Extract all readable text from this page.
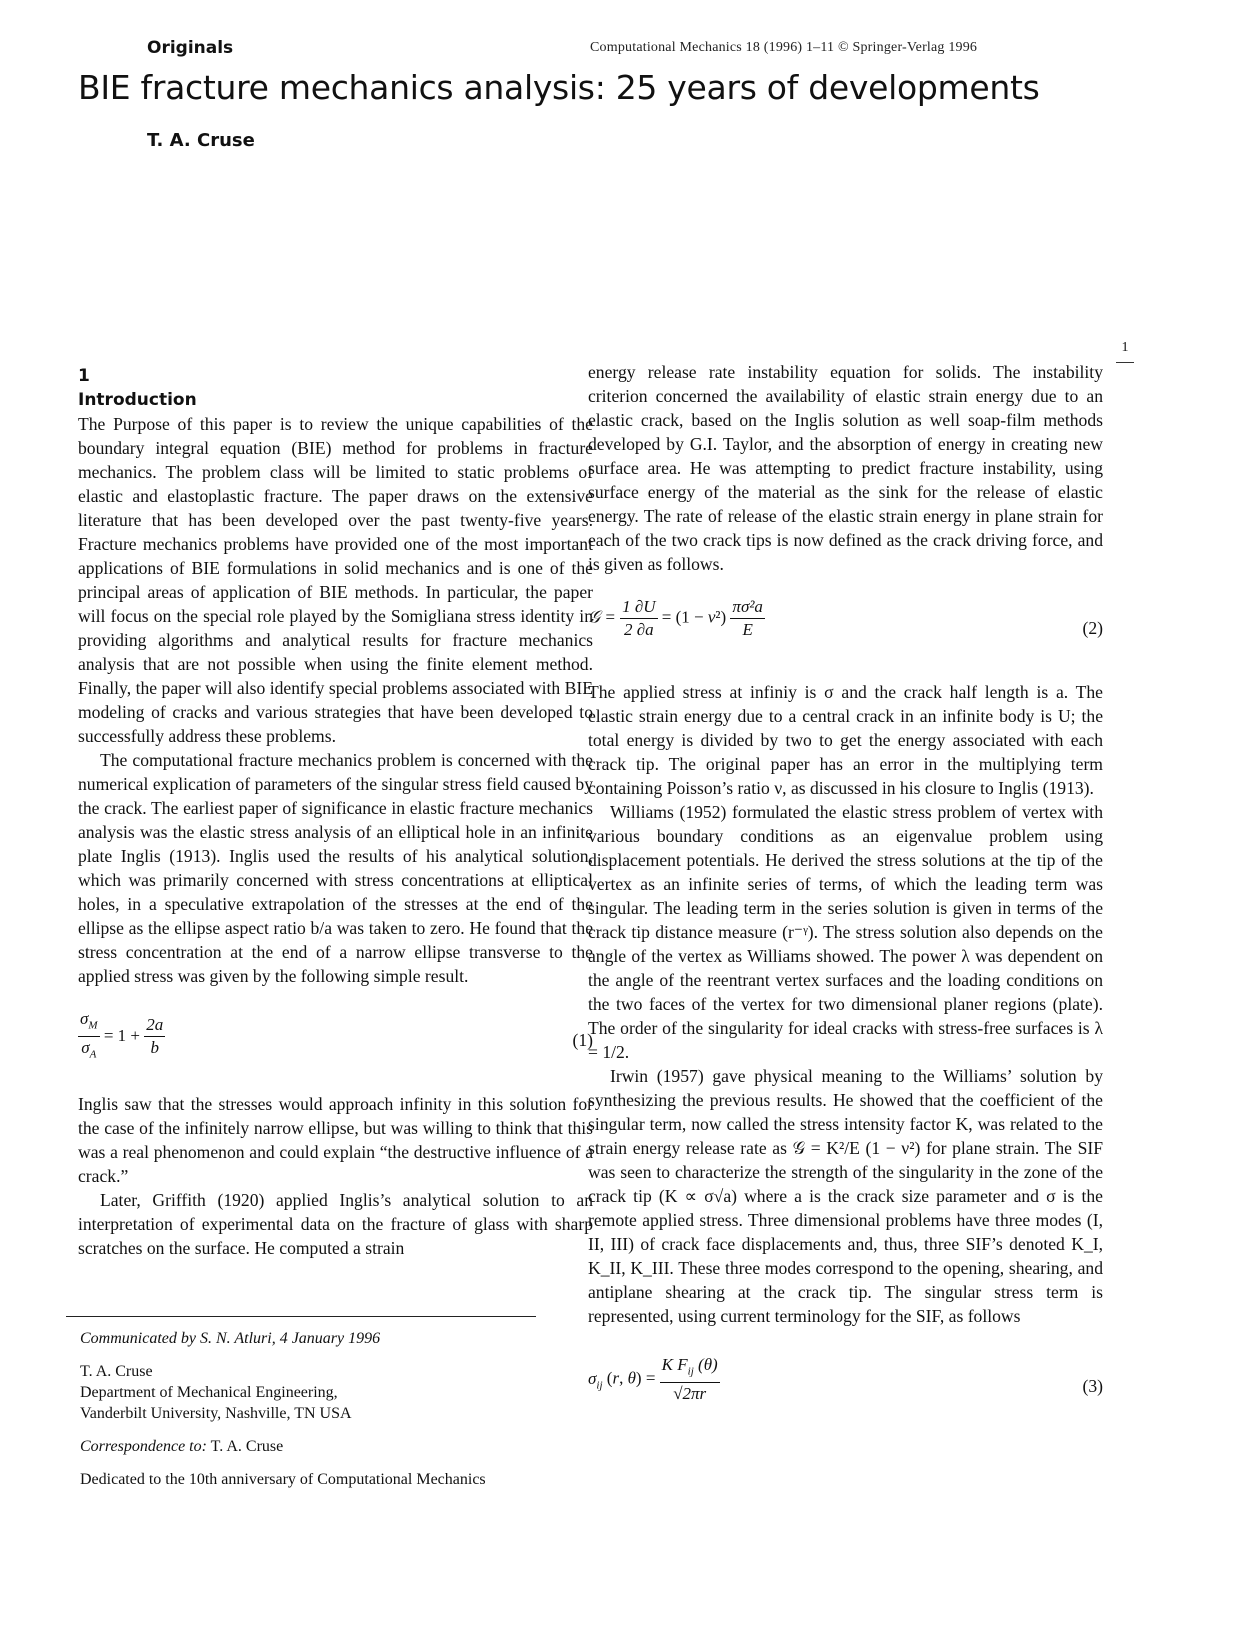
Originals	Computational Mechanics 18 (1996) 1–11 © Springer-Verlag 1996
BIE fracture mechanics analysis: 25 years of developments
T. A. Cruse
1
1
Introduction

The Purpose of this paper is to review the unique capabilities of the boundary integral equation (BIE) method for problems in fracture mechanics. The problem class will be limited to static problems of elastic and elastoplastic fracture. The paper draws on the extensive literature that has been developed over the past twenty-five years. Fracture mechanics problems have provided one of the most important applications of BIE formulations in solid mechanics and is one of the principal areas of application of BIE methods. In particular, the paper will focus on the special role played by the Somigliana stress identity in providing algorithms and analytical results for fracture mechanics analysis that are not possible when using the finite element method. Finally, the paper will also identify special problems associated with BIE modeling of cracks and various strategies that have been developed to successfully address these problems.

The computational fracture mechanics problem is concerned with the numerical explication of parameters of the singular stress field caused by the crack. The earliest paper of significance in elastic fracture mechanics analysis was the elastic stress analysis of an elliptical hole in an infinite plate Inglis (1913). Inglis used the results of his analytical solution, which was primarily concerned with stress concentrations at elliptical holes, in a speculative extrapolation of the stresses at the end of the ellipse as the ellipse aspect ratio b/a was taken to zero. He found that the stress concentration at the end of a narrow ellipse transverse to the applied stress was given by the following simple result.

$\frac{\sigma_M}{\sigma_A} = 1 + \frac{2a}{b}$	(1)

Inglis saw that the stresses would approach infinity in this solution for the case of the infinitely narrow ellipse, but was willing to think that this was a real phenomenon and could explain “the destructive influence of a crack.”

Later, Griffith (1920) applied Inglis’s analytical solution to an interpretation of experimental data on the fracture of glass with sharp scratches on the surface. He computed a strain

Communicated by S. N. Atluri, 4 January 1996

T. A. Cruse
Department of Mechanical Engineering,

Vanderbilt University, Nashville, TN USA

Correspondence to: T. A. Cruse

Dedicated to the 10th anniversary of Computational Mechanics

energy release rate instability equation for solids. The instability criterion concerned the availability of elastic strain energy due to an elastic crack, based on the Inglis solution as well soap-film methods developed by G.I. Taylor, and the absorption of energy in creating new surface area. He was attempting to predict fracture instability, using surface energy of the material as the sink for the release of elastic energy. The rate of release of the elastic strain energy in plane strain for each of the two crack tips is now defined as the crack driving force, and is given as follows.

𝒢 = $\frac{1 \partial U}{2 \partial a} = (1 - \nu^2) \frac{\text{πσ²a}}{E}$	(2)

The applied stress at infiniy is σ and the crack half length is a. The elastic strain energy due to a central crack in an infinite body is U; the total energy is divided by two to get the energy associated with each crack tip. The original paper has an error in the multiplying term containing Poisson’s ratio ν, as discussed in his closure to Inglis (1913).

Williams (1952) formulated the elastic stress problem of vertex with various boundary conditions as an eigenvalue problem using displacement potentials. He derived the stress solutions at the tip of the vertex as an infinite series of terms, of which the leading term was singular. The leading term in the series solution is given in terms of the crack tip distance measure (r⁻ᵞ). The stress solution also depends on the angle of the vertex as Williams showed. The power λ was dependent on the angle of the reentrant vertex surfaces and the loading conditions on the two faces of the vertex for two dimensional planer regions (plate). The order of the singularity for ideal cracks with stress-free surfaces is λ = 1/2.

Irwin (1957) gave physical meaning to the Williams’ solution by synthesizing the previous results. He showed that the coefficient of the singular term, now called the stress intensity factor K, was related to the strain energy release rate as 𝒢 = K²/E (1 − ν²) for plane strain. The SIF was seen to characterize the strength of the singularity in the zone of the crack tip (K ∝ σ√a) where a is the crack size parameter and σ is the remote applied stress. Three dimensional problems have three modes (I, II, III) of crack face displacements and, thus, three SIF’s denoted K_I, K_II, K_III. These three modes correspond to the opening, shearing, and antiplane shearing at the crack tip. The singular stress term is represented, using current terminology for the SIF, as follows

$\sigma_{ij}$ (r, $\theta) = \frac{K F_{ij} (\theta)}{√2\pi r}$	(3)
